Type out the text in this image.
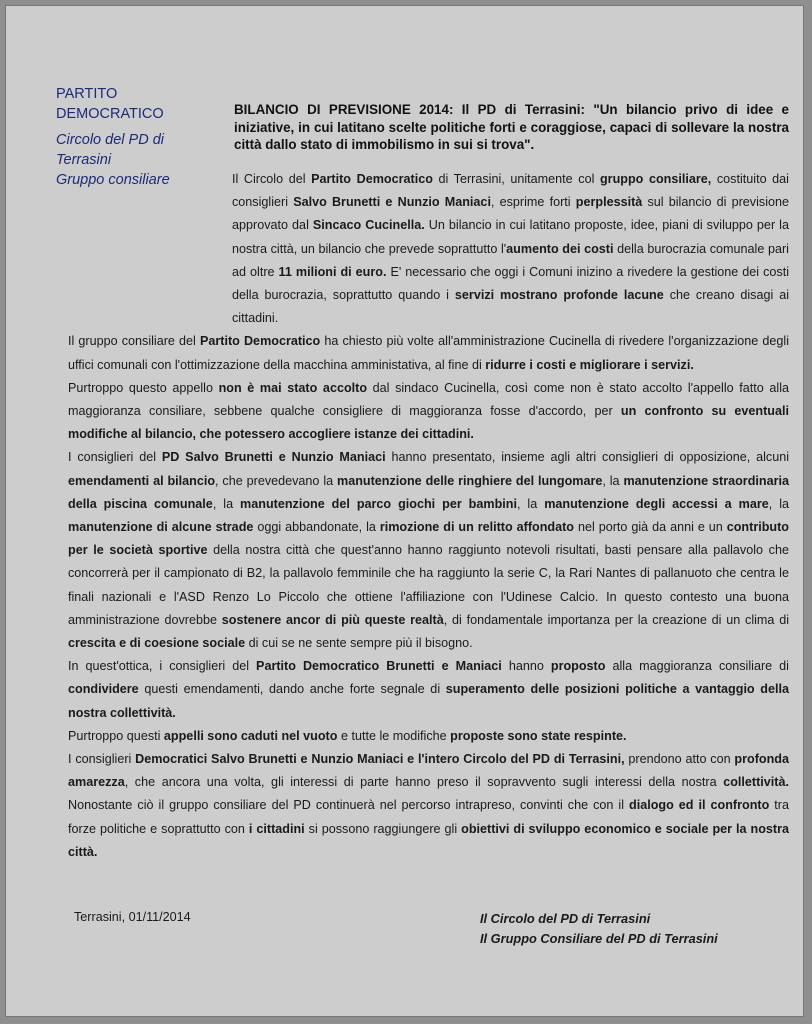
PARTITO
DEMOCRATICO
Circolo del PD di
Terrasini
Gruppo consiliare
BILANCIO DI PREVISIONE 2014: Il PD di Terrasini: "Un bilancio privo di idee e iniziative, in cui latitano scelte politiche forti e coraggiose, capaci di sollevare la nostra città dallo stato di immobilismo in sui si trova".

Il Circolo del Partito Democratico di Terrasini, unitamente col gruppo consiliare, costituito dai consiglieri Salvo Brunetti e Nunzio Maniaci, esprime forti perplessità sul bilancio di previsione approvato dal Sincaco Cucinella. Un bilancio in cui latitano proposte, idee, piani di sviluppo per la nostra città, un bilancio che prevede soprattutto l'aumento dei costi della burocrazia comunale pari ad oltre 11 milioni di euro. E' necessario che oggi i Comuni inizino a rivedere la gestione dei costi della burocrazia, soprattutto quando i servizi mostrano profonde lacune che creano disagi ai cittadini.

Il gruppo consiliare del Partito Democratico ha chiesto più volte all'amministrazione Cucinella di rivedere l'organizzazione degli uffici comunali con l'ottimizzazione della macchina amministativa, al fine di ridurre i costi e migliorare i servizi.

Purtroppo questo appello non è mai stato accolto dal sindaco Cucinella, così come non è stato accolto l'appello fatto alla maggioranza consiliare, sebbene qualche consigliere di maggioranza fosse d'accordo, per un confronto su eventuali modifiche al bilancio, che potessero accogliere istanze dei cittadini.

I consiglieri del PD Salvo Brunetti e Nunzio Maniaci hanno presentato, insieme agli altri consiglieri di opposizione, alcuni emendamenti al bilancio, che prevedevano la manutenzione delle ringhiere del lungomare, la manutenzione straordinaria della piscina comunale, la manutenzione del parco giochi per bambini, la manutenzione degli accessi a mare, la manutenzione di alcune strade oggi abbandonate, la rimozione di un relitto affondato nel porto già da anni e un contributo per le società sportive della nostra città che quest'anno hanno raggiunto notevoli risultati, basti pensare alla pallavolo che concorrerà per il campionato di B2, la pallavolo femminile che ha raggiunto la serie C, la Rari Nantes di pallanuoto che centra le finali nazionali e l'ASD Renzo Lo Piccolo che ottiene l'affiliazione con l'Udinese Calcio. In questo contesto una buona amministrazione dovrebbe sostenere ancor di più queste realtà, di fondamentale importanza per la creazione di un clima di crescita e di coesione sociale di cui se ne sente sempre più il bisogno.

In quest'ottica, i consiglieri del Partito Democratico Brunetti e Maniaci hanno proposto alla maggioranza consiliare di condividere questi emendamenti, dando anche forte segnale di superamento delle posizioni politiche a vantaggio della nostra collettività.

Purtroppo questi appelli sono caduti nel vuoto e tutte le modifiche proposte sono state respinte.

I consiglieri Democratici Salvo Brunetti e Nunzio Maniaci e l'intero Circolo del PD di Terrasini, prendono atto con profonda amarezza, che ancora una volta, gli interessi di parte hanno preso il sopravvento sugli interessi della nostra collettività. Nonostante ciò il gruppo consiliare del PD continuerà nel percorso intrapreso, convinti che con il dialogo ed il confronto tra forze politiche e soprattutto con i cittadini si possono raggiungere gli obiettivi di sviluppo economico e sociale per la nostra città.

Terrasini, 01/11/2014	Il Circolo del PD di Terrasini
Il Gruppo Consiliare del PD di Terrasini
